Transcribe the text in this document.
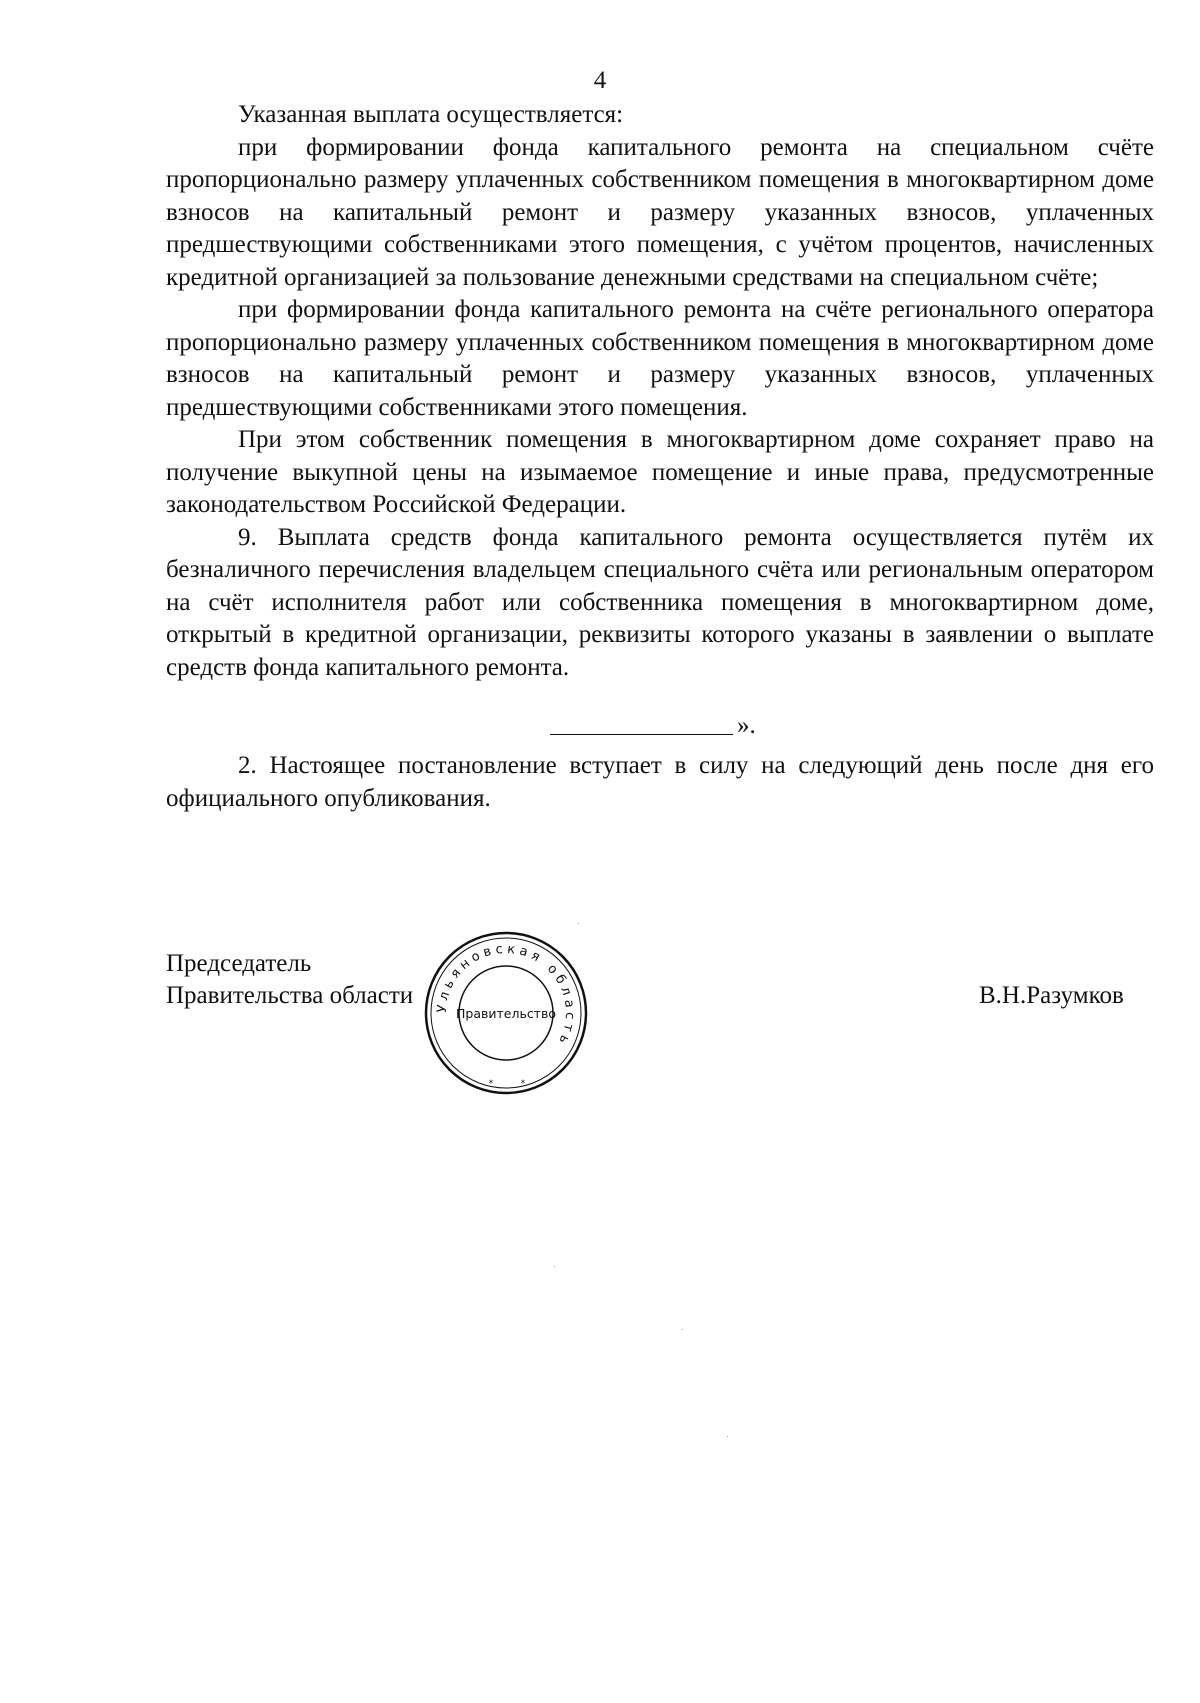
4

Указанная выплата осуществляется:

при формировании фонда капитального ремонта на специальном счёте пропорционально размеру уплаченных собственником помещения в многоквартирном доме взносов на капитальный ремонт и размеру указанных взносов, уплаченных предшествующими собственниками этого помещения, с учётом процентов, начисленных кредитной организацией за пользование денежными средствами на специальном счёте;

при формировании фонда капитального ремонта на счёте регионального оператора пропорционально размеру уплаченных собственником помещения в многоквартирном доме взносов на капитальный ремонт и размеру указанных взносов, уплаченных предшествующими собственниками этого помещения.

При этом собственник помещения в многоквартирном доме сохраняет право на получение выкупной цены на изымаемое помещение и иные права, предусмотренные законодательством Российской Федерации.

9. Выплата средств фонда капитального ремонта осуществляется путём их безналичного перечисления владельцем специального счёта или региональным оператором на счёт исполнителя работ или собственника помещения в многоквартирном доме, открытый в кредитной организации, реквизиты которого указаны в заявлении о выплате средств фонда капитального ремонта.

».

2. Настоящее постановление вступает в силу на следующий день после дня его официального опубликования.

Председатель
Правительства области	В.Н.Разумков
Ульяновская область
Правительство
*	*
